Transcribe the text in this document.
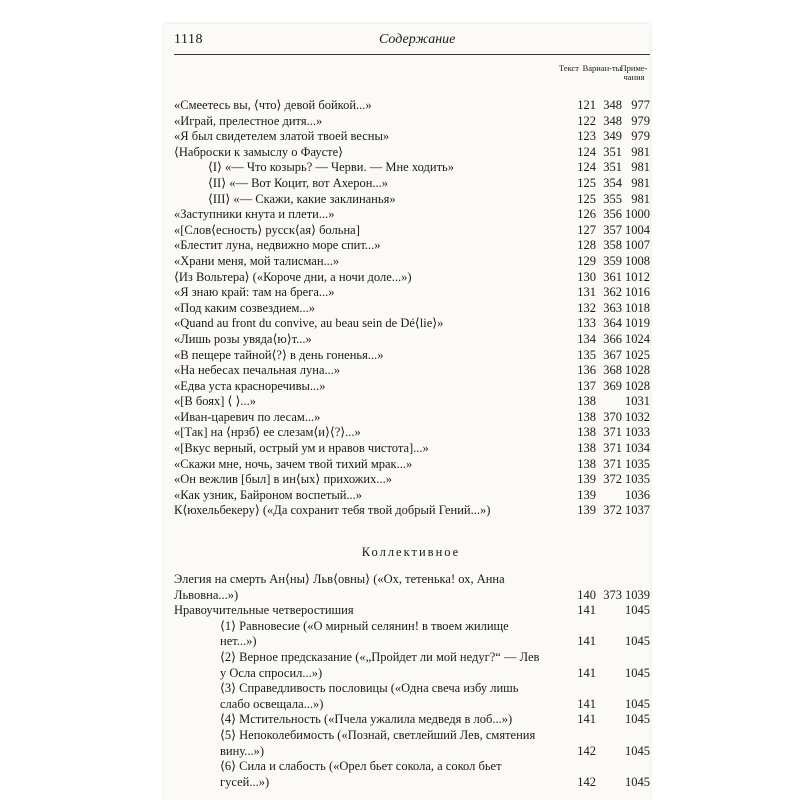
1118	Содержание
Текст Вариан-ты Приме-чания
«Смеетесь вы, ⟨что⟩ девой бойкой...»	121 348 977
«Играй, прелестное дитя...»	122 348 979
«Я был свидетелем златой твоей весны»	123 349 979
⟨Наброски к замыслу о Фаусте⟩	124 351 981
⟨I⟩ «— Что козырь? — Черви. — Мне ходить»	124 351 981
⟨II⟩ «— Вот Коцит, вот Ахерон...»	125 354 981
⟨III⟩ «— Скажи, какие заклинанья»	125 355 981
«Заступники кнута и плети...»	126 356 1000
«[Слов⟨есность⟩ русск⟨ая⟩ больна]	127 357 1004
«Блестит луна, недвижно море спит...»	128 358 1007
«Храни меня, мой талисман...»	129 359 1008
⟨Из Вольтера⟩ («Короче дни, а ночи доле...»)	130 361 1012
«Я знаю край: там на брега...»	131 362 1016
«Под каким созвездием...»	132 363 1018
«Quand au front du convive, au beau sein de Dé⟨lie⟩»	133 364 1019
«Лишь розы увяда⟨ю⟩т...»	134 366 1024
«В пещере тайной⟨?⟩ в день гоненья...»	135 367 1025
«На небесах печальная луна...»	136 368 1028
«Едва уста красноречивы...»	137 369 1028
«[В боях] ⟨ ⟩...»	138	1031
«Иван-царевич по лесам...»	138 370 1032
«[Так] на ⟨нрзб⟩ ее слезам⟨и⟩⟨?⟩...»	138 371 1033
«[Вкус верный, острый ум и нравов чистота]...»	138 371 1034
«Скажи мне, ночь, зачем твой тихий мрак...»	138 371 1035
«Он вежлив [был] в ин⟨ых⟩ прихожих...»	139 372 1035
«Как узник, Байроном воспетый...»	139	1036
К⟨юхельбекеру⟩ («Да сохранит тебя твой добрый Гений...»)	139 372 1037
Коллективное
Элегия на смерть Ан⟨ны⟩ Льв⟨овны⟩ («Ох, тетенька! ох, Анна Львовна...»)	140 373 1039
Нравоучительные четверостишия	141	1045
⟨1⟩ Равновесие («О мирный селянин! в твоем жилище нет...»)	141	1045
⟨2⟩ Верное предсказание («„Пройдет ли мой недуг?“ — Лев у Осла спросил...»)	141	1045
⟨3⟩ Справедливость пословицы («Одна свеча избу лишь слабо освещала...»)	141	1045
⟨4⟩ Мстительность («Пчела ужалила медведя в лоб...»)	141	1045
⟨5⟩ Непоколебимость («Познай, светлейший Лев, смятения вину...»)	142	1045
⟨6⟩ Сила и слабость («Орел бьет сокола, а сокол бьет гусей...»)	142	1045
